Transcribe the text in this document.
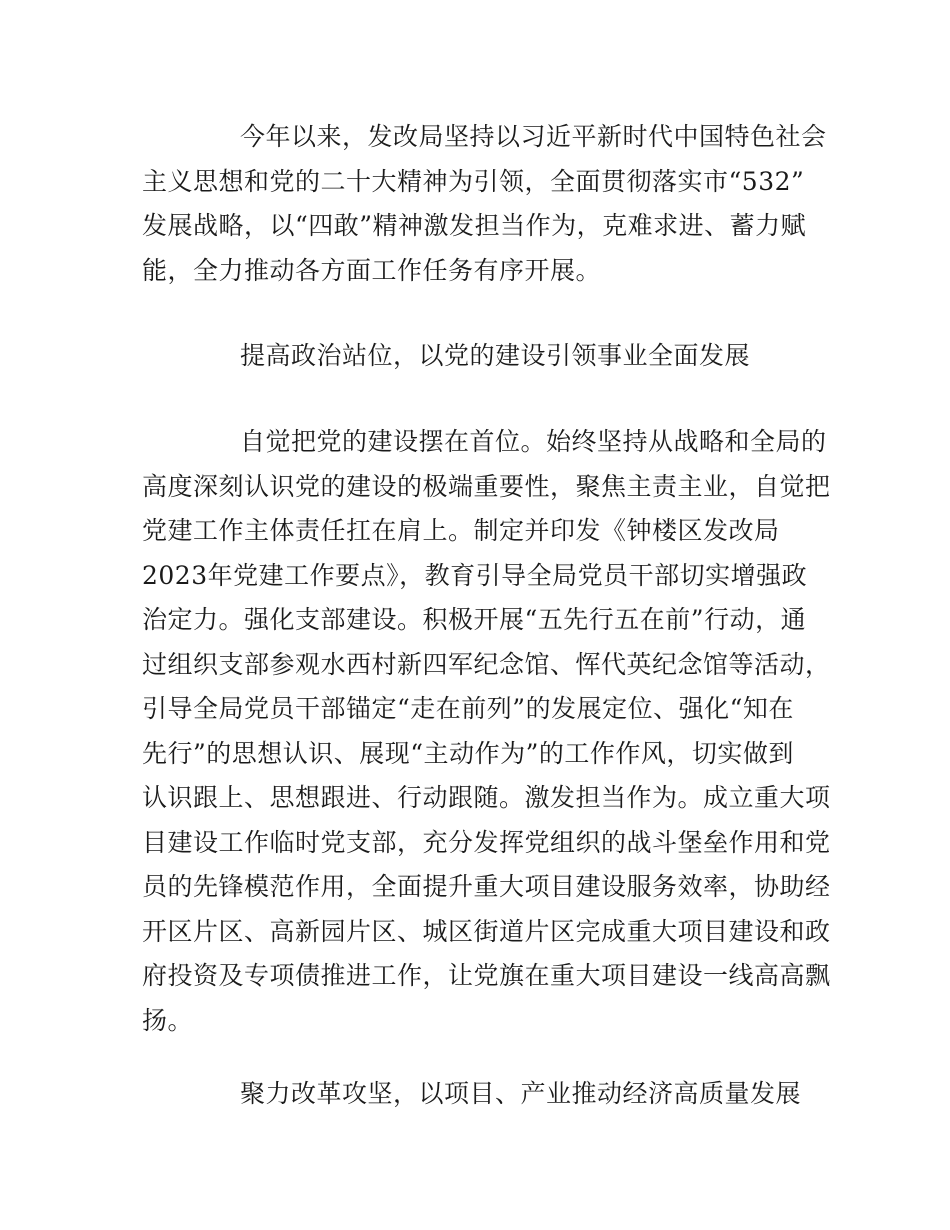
今年以来，发改局坚持以习近平新时代中国特色社会
主义思想和党的二十大精神为引领，全面贯彻落实市“532”
发展战略，以“四敢”精神激发担当作为，克难求进、蓄力赋
能，全力推动各方面工作任务有序开展。
提高政治站位，以党的建设引领事业全面发展
自觉把党的建设摆在首位。始终坚持从战略和全局的
高度深刻认识党的建设的极端重要性，聚焦主责主业，自觉把
党建工作主体责任扛在肩上。制定并印发《钟楼区发改局
2023年党建工作要点》，教育引导全局党员干部切实增强政
治定力。强化支部建设。积极开展“五先行五在前”行动，通
过组织支部参观水西村新四军纪念馆、恽代英纪念馆等活动，
引导全局党员干部锚定“走在前列”的发展定位、强化“知在
先行”的思想认识、展现“主动作为”的工作作风，切实做到
认识跟上、思想跟进、行动跟随。激发担当作为。成立重大项
目建设工作临时党支部，充分发挥党组织的战斗堡垒作用和党
员的先锋模范作用，全面提升重大项目建设服务效率，协助经
开区片区、高新园片区、城区街道片区完成重大项目建设和政
府投资及专项债推进工作，让党旗在重大项目建设一线高高飘
扬。
聚力改革攻坚，以项目、产业推动经济高质量发展
